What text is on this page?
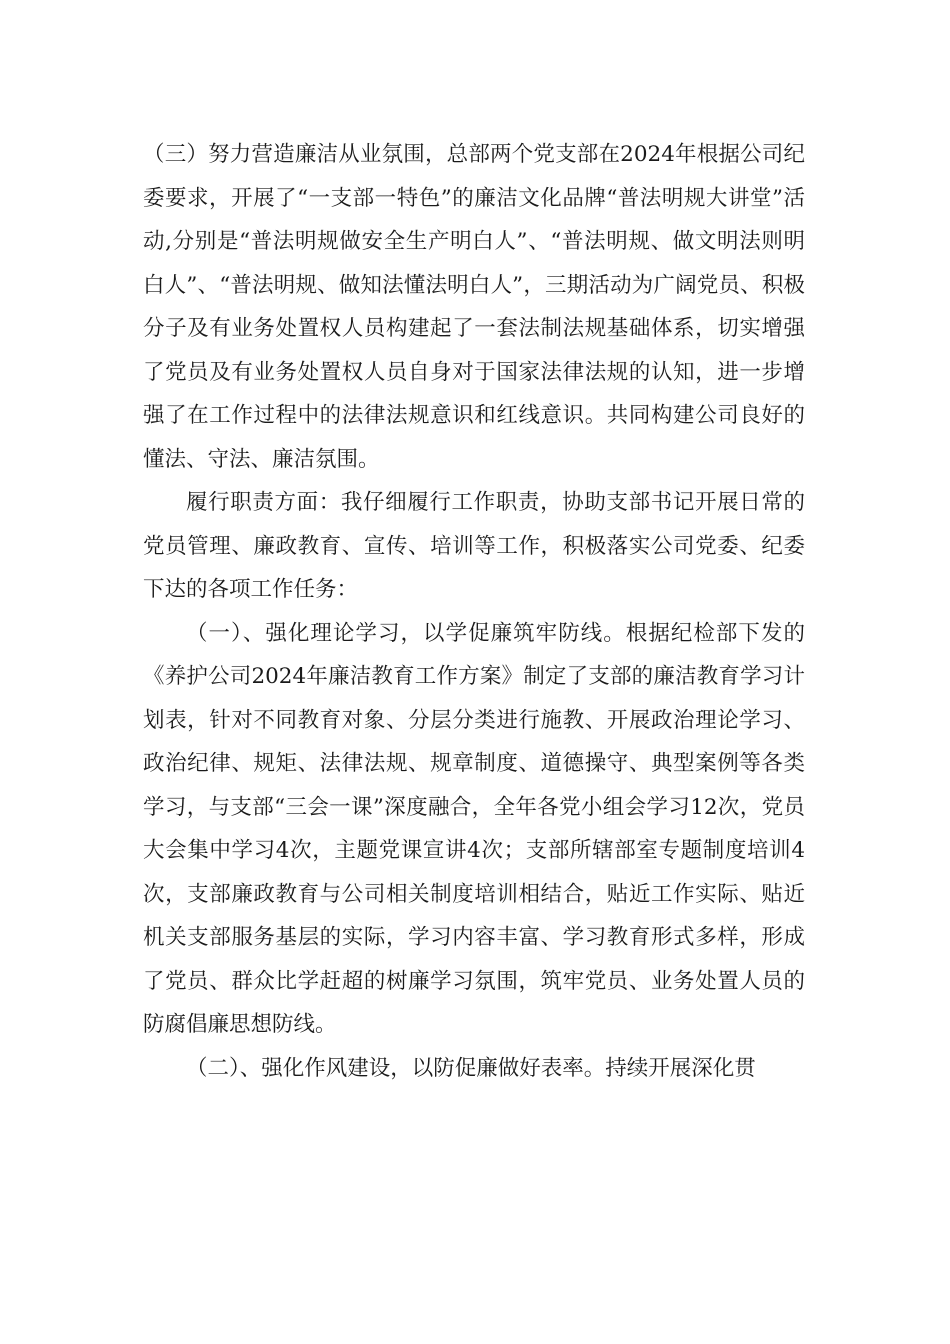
（三）努力营造廉洁从业氛围，总部两个党支部在2024年根据公司纪委要求，开展了“一支部一特色”的廉洁文化品牌“普法明规大讲堂”活动,分别是“普法明规做安全生产明白人”、“普法明规、做文明法则明白人”、“普法明规、做知法懂法明白人”，三期活动为广阔党员、积极分子及有业务处置权人员构建起了一套法制法规基础体系，切实增强了党员及有业务处置权人员自身对于国家法律法规的认知，进一步增强了在工作过程中的法律法规意识和红线意识。共同构建公司良好的懂法、守法、廉洁氛围。

履行职责方面：我仔细履行工作职责，协助支部书记开展日常的党员管理、廉政教育、宣传、培训等工作，积极落实公司党委、纪委下达的各项工作任务：

（一）、强化理论学习，以学促廉筑牢防线。根据纪检部下发的《养护公司2024年廉洁教育工作方案》制定了支部的廉洁教育学习计划表，针对不同教育对象、分层分类进行施教、开展政治理论学习、政治纪律、规矩、法律法规、规章制度、道德操守、典型案例等各类学习，与支部“三会一课”深度融合，全年各党小组会学习12次，党员大会集中学习4次，主题党课宣讲4次；支部所辖部室专题制度培训4次，支部廉政教育与公司相关制度培训相结合，贴近工作实际、贴近机关支部服务基层的实际，学习内容丰富、学习教育形式多样，形成了党员、群众比学赶超的树廉学习氛围，筑牢党员、业务处置人员的防腐倡廉思想防线。

（二）、强化作风建设，以防促廉做好表率。持续开展深化贯
